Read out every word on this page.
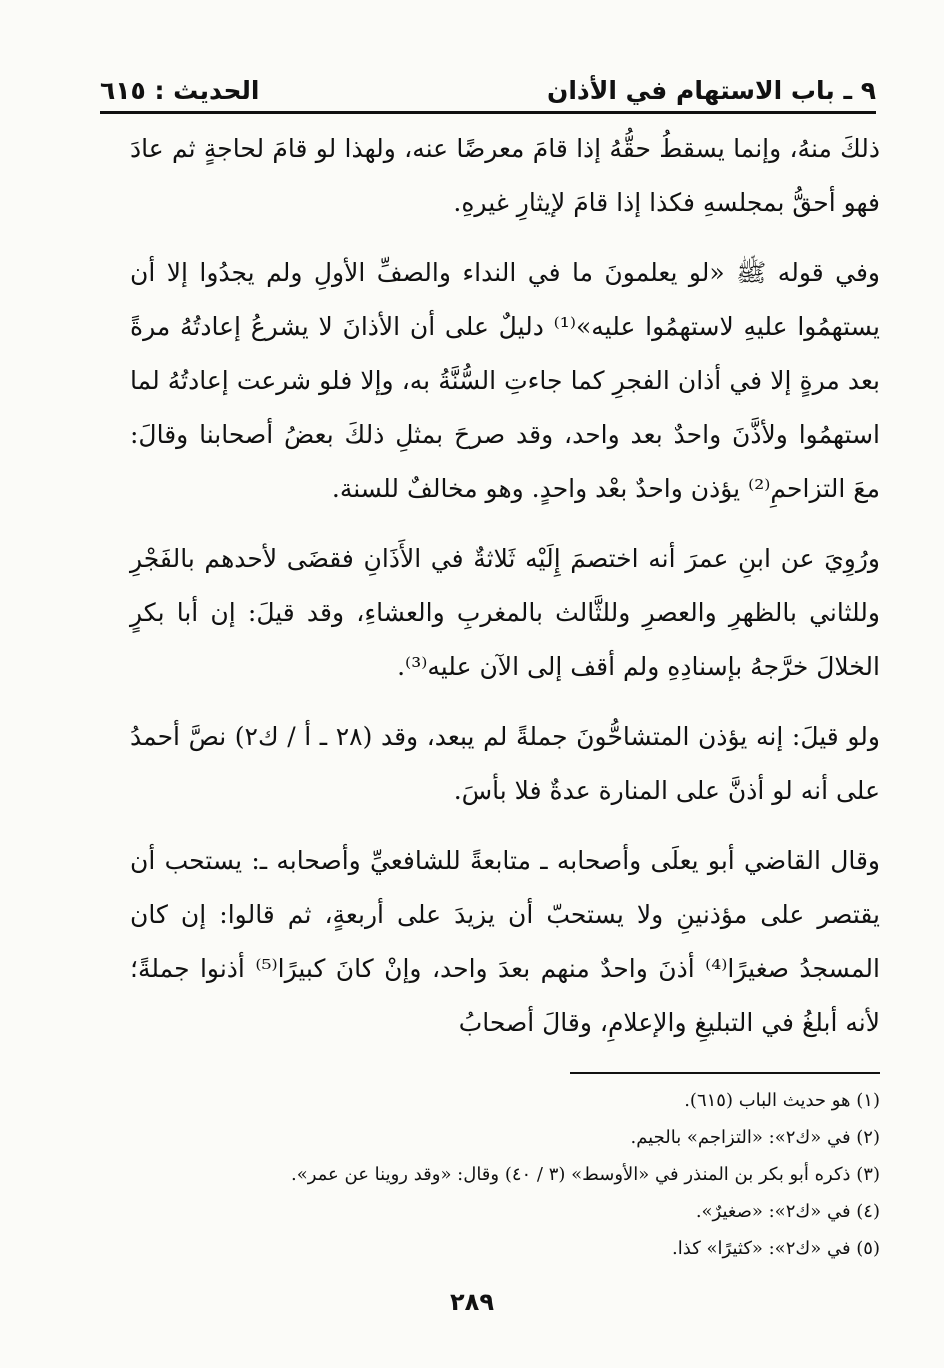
٩ ـ باب الاستهام في الأذان
الحديث : ٦١٥

ذلكَ منهُ، وإنما يسقطُ حقُّهُ إذا قامَ معرضًا عنه، ولهذا لو قامَ لحاجةٍ ثم عادَ فهو أحقُّ بمجلسهِ فكذا إذا قامَ لإيثارِ غيرهِ.

وفي قوله ﷺ «لو يعلمونَ ما في النداء والصفِّ الأولِ ولم يجدُوا إلا أن يستهمُوا عليهِ لاستهمُوا عليه»⁽¹⁾ دليلٌ على أن الأذانَ لا يشرعُ إعادتُهُ مرةً بعد مرةٍ إلا في أذان الفجرِ كما جاءتِ السُّنَّةُ به، وإلا فلو شرعت إعادتُهُ لما استهمُوا ولأذَّنَ واحدٌ بعد واحد، وقد صرحَ بمثلِ ذلكَ بعضُ أصحابنا وقالَ: معَ التزاحمِ⁽²⁾ يؤذن واحدٌ بعْد واحدٍ. وهو مخالفٌ للسنة.

ورُوِيَ عن ابنِ عمرَ أنه اختصمَ إِلَيْه ثَلاثةٌ في الأَذَانِ فقضَى لأحدهم بالفَجْرِ وللثاني بالظهرِ والعصرِ وللثَّالث بالمغربِ والعشاءِ، وقد قيلَ: إن أبا بكرٍ الخلالَ خرَّجهُ بإسنادِهِ ولم أقف إلى الآن عليه⁽³⁾.

ولو قيلَ: إنه يؤذن المتشاحُّونَ جملةً لم يبعد، وقد (٢٨ ـ أ / ك٢) نصَّ أحمدُ على أنه لو أذنَّ على المنارة عدةٌ فلا بأسَ.

وقال القاضي أبو يعلَى وأصحابه ـ متابعةً للشافعيِّ وأصحابه ـ: يستحب أن يقتصر على مؤذنينِ ولا يستحبّ أن يزيدَ على أربعةٍ، ثم قالوا: إن كان المسجدُ صغيرًا⁽⁴⁾ أذنَ واحدٌ منهم بعدَ واحد، وإنْ كانَ كبيرًا⁽⁵⁾ أذنوا جملةً؛ لأنه أبلغُ في التبليغِ والإعلامِ، وقالَ أصحابُ

(١) هو حديث الباب (٦١٥).
(٢) في «ك٢»: «التزاجم» بالجيم.
(٣) ذكره أبو بكر بن المنذر في «الأوسط» (٣ / ٤٠) وقال: «وقد روينا عن عمر».
(٤) في «ك٢»: «صغيرٌ».
(٥) في «ك٢»: «كثيرًا» كذا.
٢٨٩
